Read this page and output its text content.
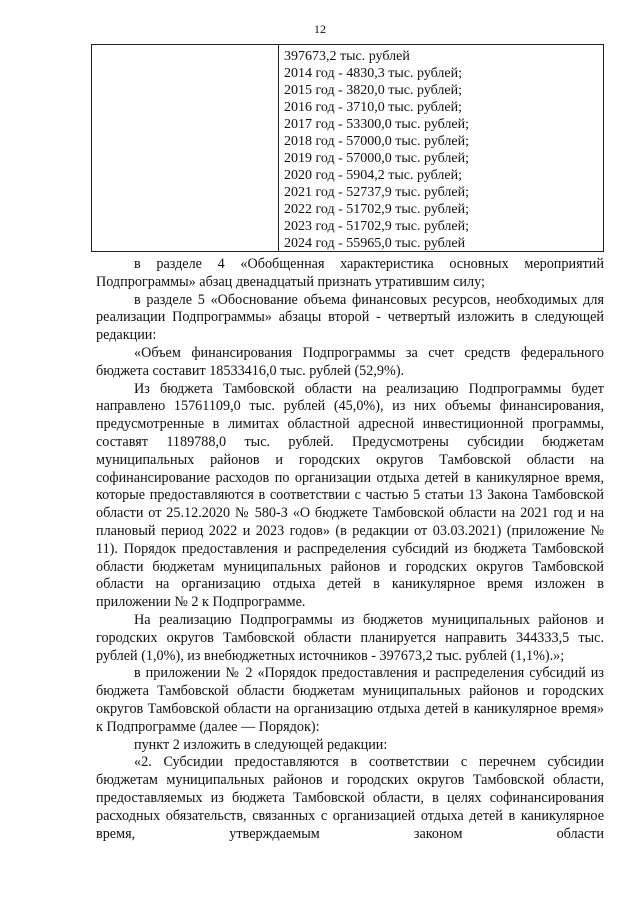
12
397673,2 тыс. рублей
2014 год - 4830,3 тыс. рублей;
2015 год - 3820,0 тыс. рублей;
2016 год - 3710,0 тыс. рублей;
2017 год - 53300,0 тыс. рублей;
2018 год - 57000,0 тыс. рублей;
2019 год - 57000,0 тыс. рублей;
2020 год - 5904,2 тыс. рублей;
2021 год - 52737,9 тыс. рублей;
2022 год - 51702,9 тыс. рублей;
2023 год - 51702,9 тыс. рублей;
2024 год - 55965,0 тыс. рублей

в разделе 4 «Обобщенная характеристика основных мероприятий Подпрограммы» абзац двенадцатый признать утратившим силу;

в разделе 5 «Обоснование объема финансовых ресурсов, необходимых для реализации Подпрограммы» абзацы второй - четвертый изложить в следующей редакции:

«Объем финансирования Подпрограммы за счет средств федерального бюджета составит 18533416,0 тыс. рублей (52,9%).

Из бюджета Тамбовской области на реализацию Подпрограммы будет направлено 15761109,0 тыс. рублей (45,0%), из них объемы финансирования, предусмотренные в лимитах областной адресной инвестиционной программы, составят 1189788,0 тыс. рублей. Предусмотрены субсидии бюджетам муниципальных районов и городских округов Тамбовской области на софинансирование расходов по организации отдыха детей в каникулярное время, которые предоставляются в соответствии с частью 5 статьи 13 Закона Тамбовской области от 25.12.2020 № 580-З «О бюджете Тамбовской области на 2021 год и на плановый период 2022 и 2023 годов» (в редакции от 03.03.2021) (приложение № 11). Порядок предоставления и распределения субсидий из бюджета Тамбовской области бюджетам муниципальных районов и городских округов Тамбовской области на организацию отдыха детей в каникулярное время изложен в приложении № 2 к Подпрограмме.

На реализацию Подпрограммы из бюджетов муниципальных районов и городских округов Тамбовской области планируется направить 344333,5 тыс. рублей (1,0%), из внебюджетных источников - 397673,2 тыс. рублей (1,1%).»;

в приложении № 2 «Порядок предоставления и распределения субсидий из бюджета Тамбовской области бюджетам муниципальных районов и городских округов Тамбовской области на организацию отдыха детей в каникулярное время» к Подпрограмме (далее — Порядок):

пункт 2 изложить в следующей редакции:

«2. Субсидии предоставляются в соответствии с перечнем субсидии бюджетам муниципальных районов и городских округов Тамбовской области, предоставляемых из бюджета Тамбовской области, в целях софинансирования расходных обязательств, связанных с организацией отдыха детей в каникулярное время, утверждаемым законом области
